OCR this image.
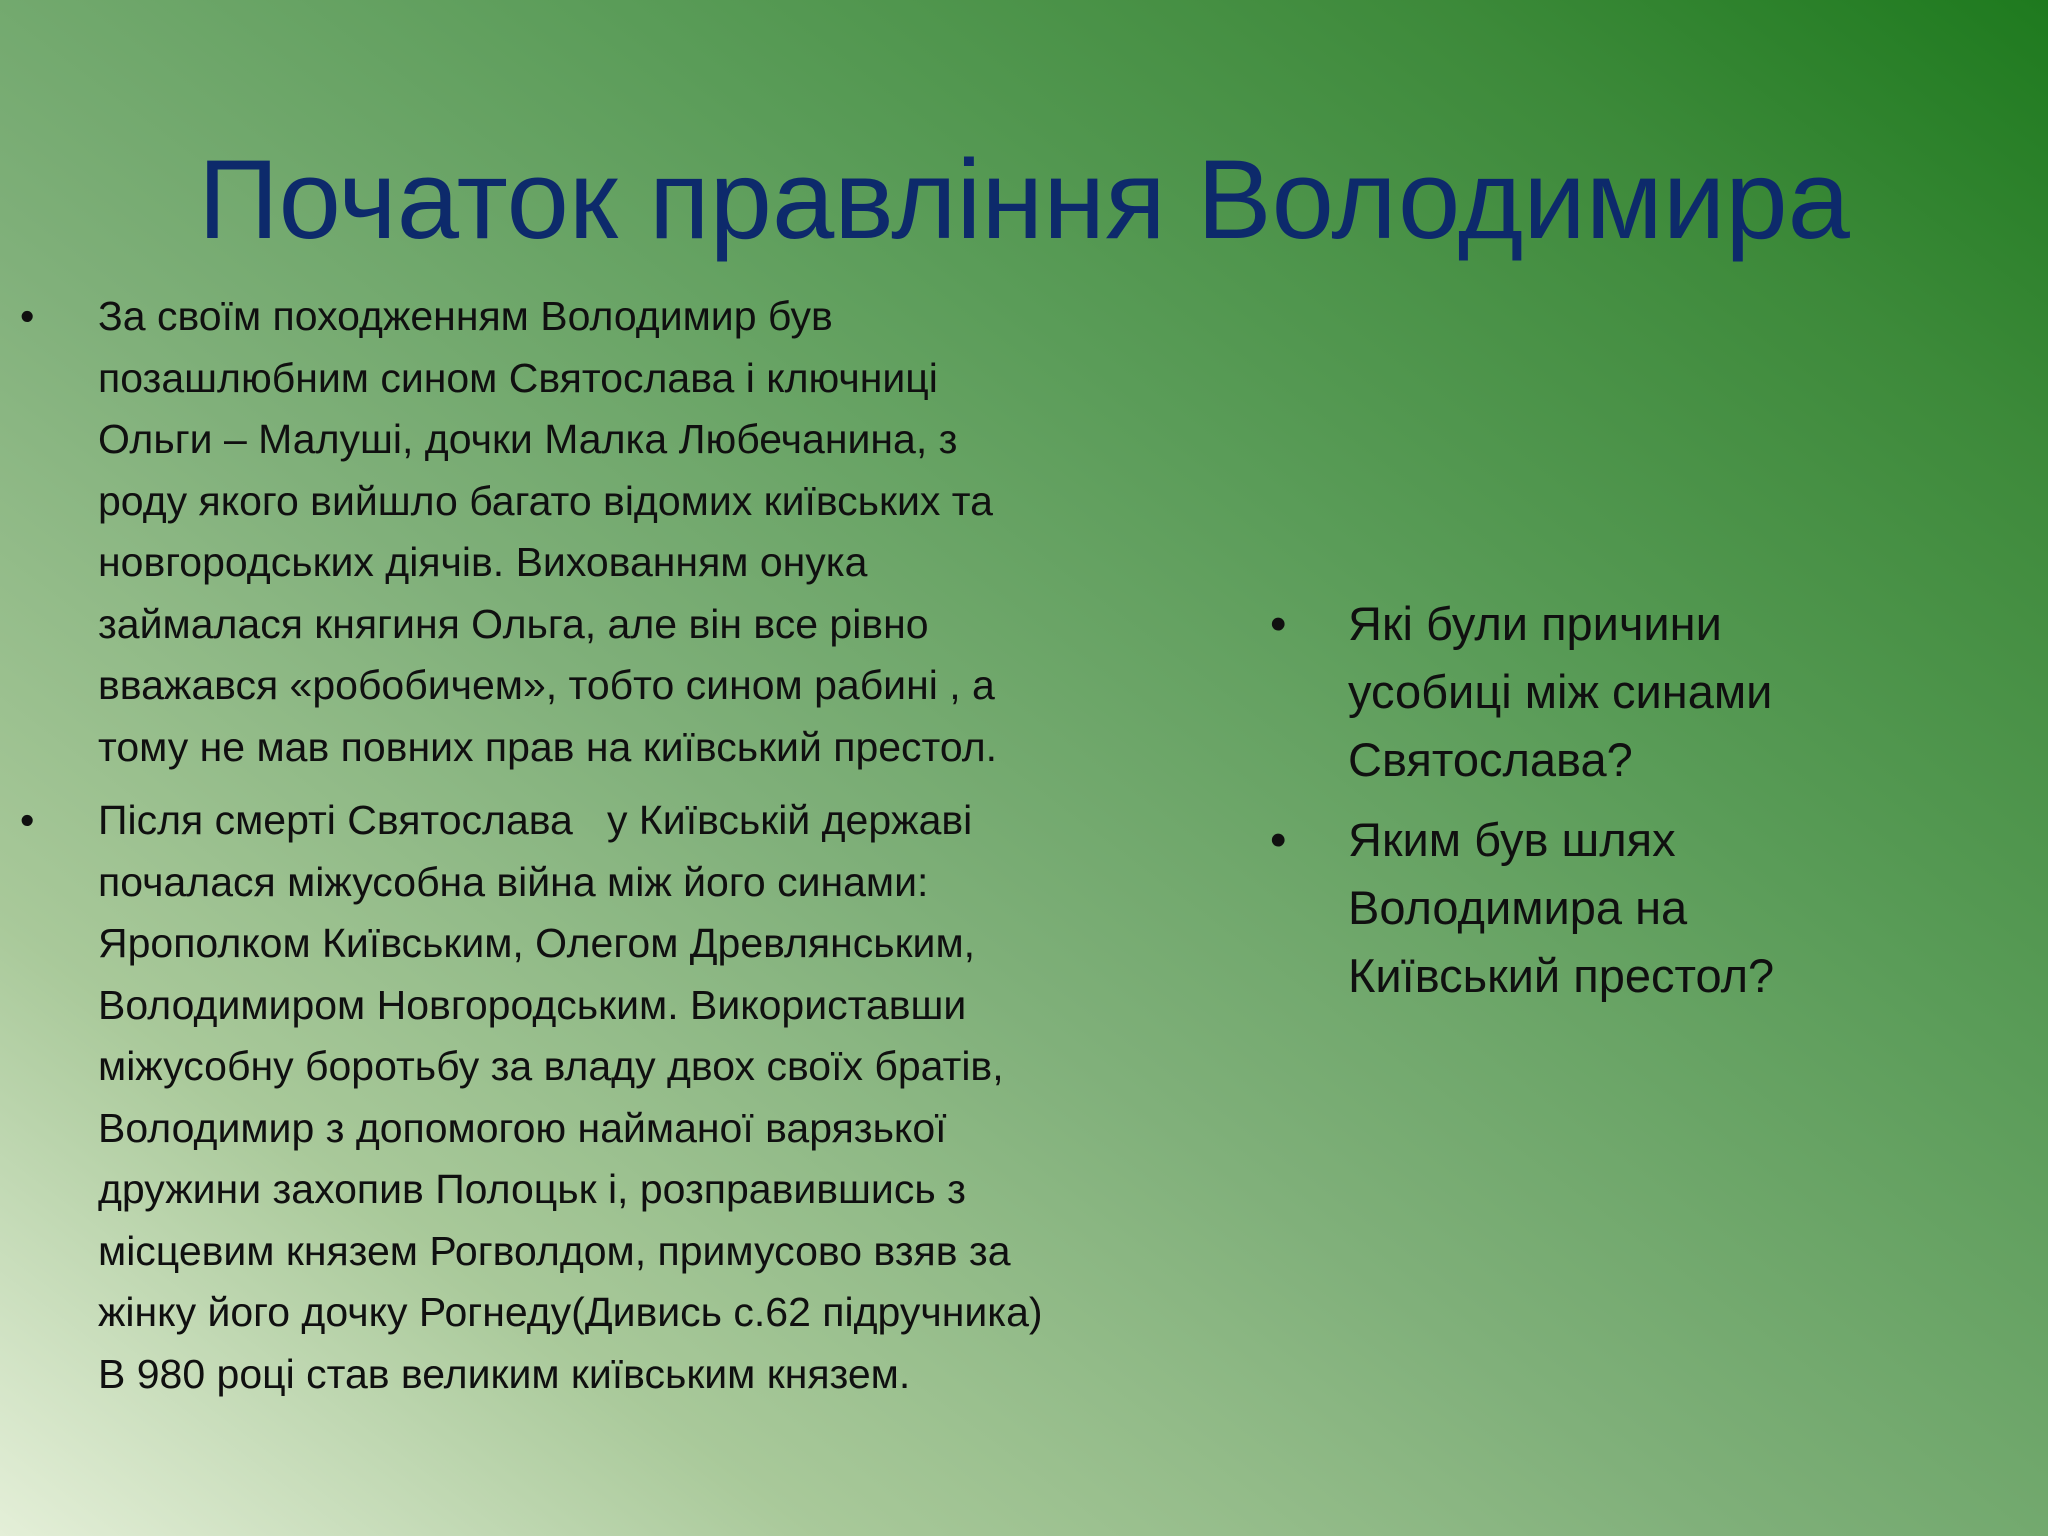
Початок правління Володимира
• За своїм походженням Володимир був
позашлюбним сином Святослава і ключниці
Ольги – Малуші, дочки Малка Любечанина, з
роду якого вийшло багато відомих київських та
новгородських діячів. Вихованням онука
займалася княгиня Ольга, але він все рівно
вважався «робобичем», тобто сином рабині , а
тому не мав повних прав на київський престол.
• Після смерті Святослава   у Київській державі
почалася міжусобна війна між його синами:
Ярополком Київським, Олегом Древлянським,
Володимиром Новгородським. Використавши
міжусобну боротьбу за владу двох своїх братів,
Володимир з допомогою найманої варязької
дружини захопив Полоцьк і, розправившись з
місцевим князем Рогволдом, примусово взяв за
жінку його дочку Рогнеду(Дивись с.62 підручника)
В 980 році став великим київським князем.
• Які були причини
усобиці між синами
Святослава?
• Яким був шлях
Володимира на
Київський престол?
